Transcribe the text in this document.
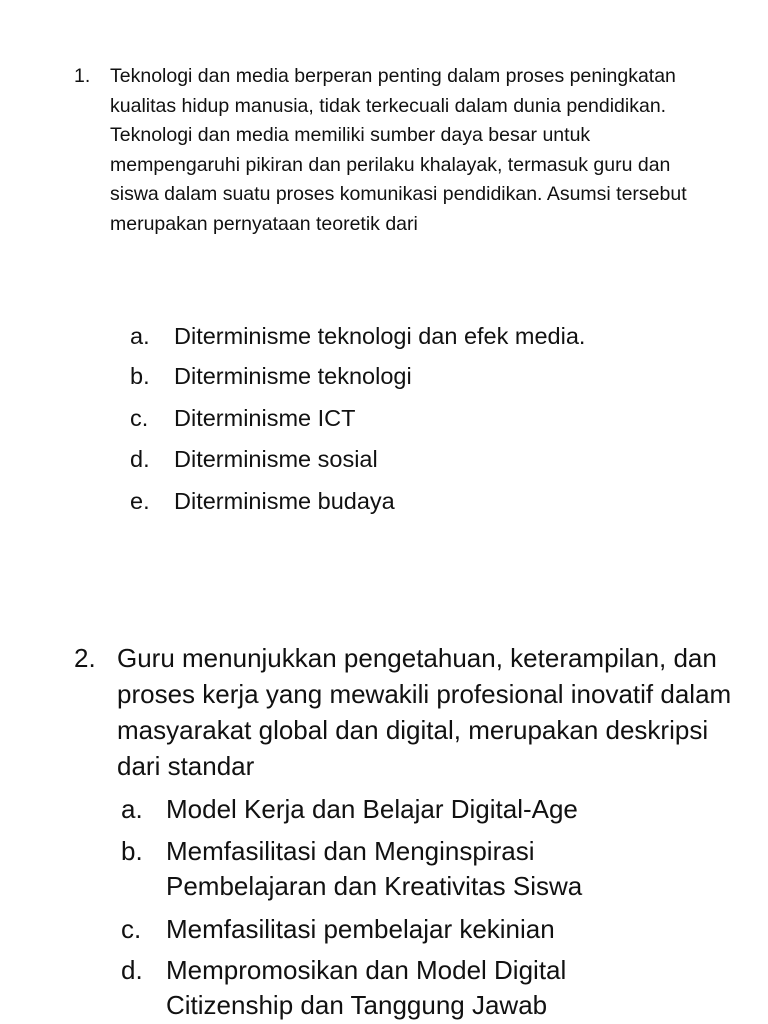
1.	Teknologi dan media berperan penting dalam proses peningkatan kualitas hidup manusia, tidak terkecuali dalam dunia pendidikan. Teknologi dan media memiliki sumber daya besar untuk mempengaruhi pikiran dan perilaku khalayak, termasuk guru dan siswa dalam suatu proses komunikasi pendidikan. Asumsi tersebut merupakan pernyataan teoretik dari
a.	Diterminisme teknologi dan efek media.
b.	Diterminisme teknologi
c.	Diterminisme ICT
d.	Diterminisme sosial
e.	Diterminisme budaya
2. Guru menunjukkan pengetahuan, keterampilan, dan proses kerja yang mewakili profesional inovatif dalam masyarakat global dan digital, merupakan deskripsi dari standar
a. Model Kerja dan Belajar Digital-Age
b. Memfasilitasi dan Menginspirasi Pembelajaran dan Kreativitas Siswa
c. Memfasilitasi pembelajar kekinian
d. Mempromosikan dan Model Digital Citizenship dan Tanggung Jawab
